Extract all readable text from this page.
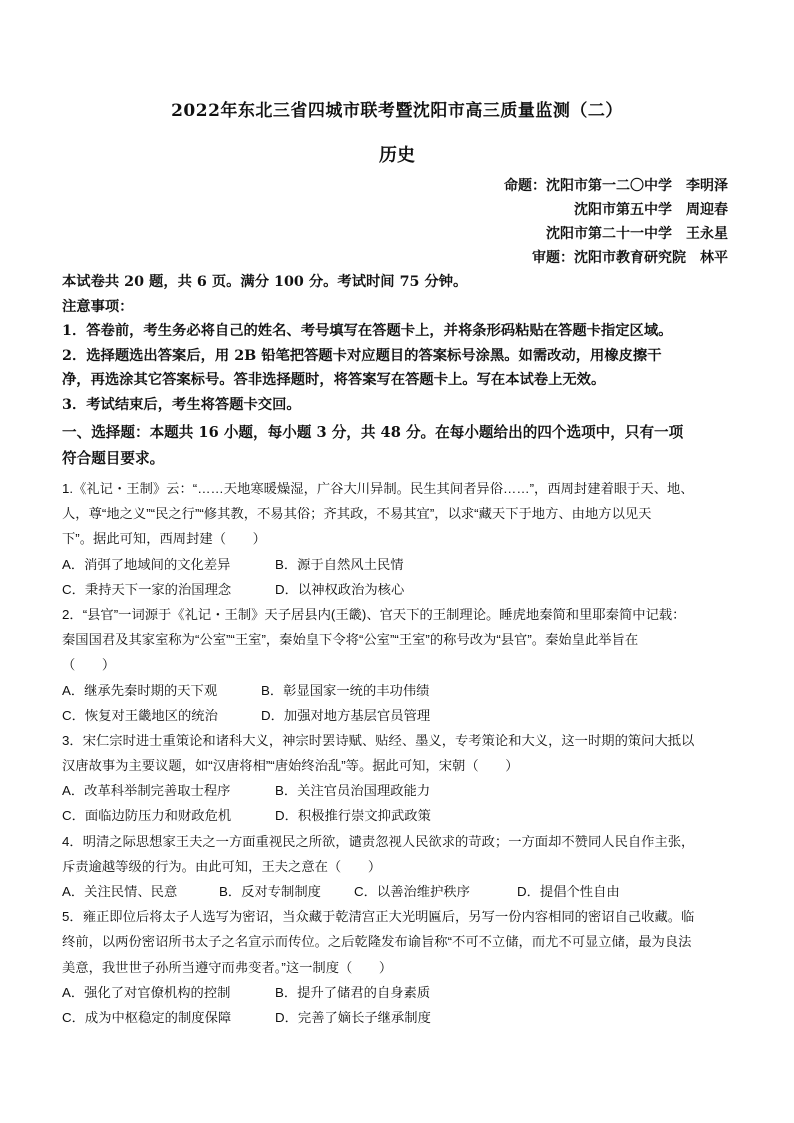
2022年东北三省四城市联考暨沈阳市高三质量监测（二）
历史
命题：沈阳市第一二〇中学 李明泽
沈阳市第五中学 周迎春
沈阳市第二十一中学 王永星
审题：沈阳市教育研究院 林平
本试卷共 20 题，共 6 页。满分 100 分。考试时间 75 分钟。
注意事项：
1．答卷前，考生务必将自己的姓名、考号填写在答题卡上，并将条形码粘贴在答题卡指定区域。
2．选择题选出答案后，用 2B 铅笔把答题卡对应题目的答案标号涂黑。如需改动，用橡皮擦干
净，再选涂其它答案标号。答非选择题时，将答案写在答题卡上。写在本试卷上无效。
3．考试结束后，考生将答题卡交回。
一、选择题：本题共 16 小题，每小题 3 分，共 48 分。在每小题给出的四个选项中，只有一项
符合题目要求。
1.《礼记・王制》云：“……天地寒暖燥湿，广谷大川异制。民生其间者异俗……”，西周封建着眼于天、地、
人，尊“地之义”“民之行”“修其教，不易其俗；齐其政，不易其宜”，以求“藏天下于地方、由地方以见天
下”。据此可知，西周封建（　　）
A．消弭了地域间的文化差异	B．源于自然风土民情
C．秉持天下一家的治国理念	D．以神权政治为核心
2．“县官”一词源于《礼记・王制》天子居县内(王畿)、官天下的王制理论。睡虎地秦简和里耶秦简中记载：
秦国国君及其家室称为“公室”“王室”，秦始皇下令将“公室”“王室”的称号改为“县官”。秦始皇此举旨在
（　　）
A．继承先秦时期的天下观	B．彰显国家一统的丰功伟绩
C．恢复对王畿地区的统治	D．加强对地方基层官员管理
3．宋仁宗时进士重策论和诸科大义，神宗时罢诗赋、贴经、墨义，专考策论和大义，这一时期的策问大抵以
汉唐故事为主要议题，如“汉唐将相”“唐始终治乱”等。据此可知，宋朝（　　）
A．改革科举制完善取士程序	B．关注官员治国理政能力
C．面临边防压力和财政危机	D．积极推行崇文抑武政策
4．明清之际思想家王夫之一方面重视民之所欲，谴责忽视人民欲求的苛政；一方面却不赞同人民自作主张，
斥责逾越等级的行为。由此可知，王夫之意在（　　）
A．关注民情、民意	B．反对专制制度 C．以善治维护秩序	D．提倡个性自由
5．雍正即位后将太子人选写为密诏，当众藏于乾清宫正大光明匾后，另写一份内容相同的密诏自己收藏。临
终前，以两份密诏所书太子之名宣示而传位。之后乾隆发布谕旨称“不可不立储，而尤不可显立储，最为良法
美意，我世世子孙所当遵守而弗变者。”这一制度（　　）
A．强化了对官僚机构的控制	B．提升了储君的自身素质
C．成为中枢稳定的制度保障	D．完善了嫡长子继承制度
